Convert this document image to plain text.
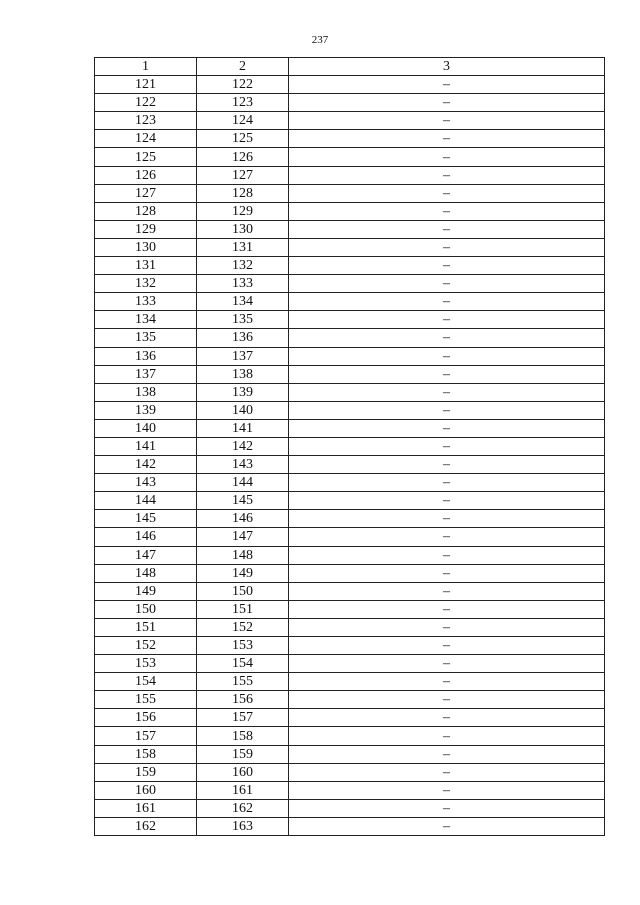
237
1	2	3
121	122	–
122	123	–
123	124	–
124	125	–
125	126	–
126	127	–
127	128	–
128	129	–
129	130	–
130	131	–
131	132	–
132	133	–
133	134	–
134	135	–
135	136	–
136	137	–
137	138	–
138	139	–
139	140	–
140	141	–
141	142	–
142	143	–
143	144	–
144	145	–
145	146	–
146	147	–
147	148	–
148	149	–
149	150	–
150	151	–
151	152	–
152	153	–
153	154	–
154	155	–
155	156	–
156	157	–
157	158	–
158	159	–
159	160	–
160	161	–
161	162	–
162	163	–
